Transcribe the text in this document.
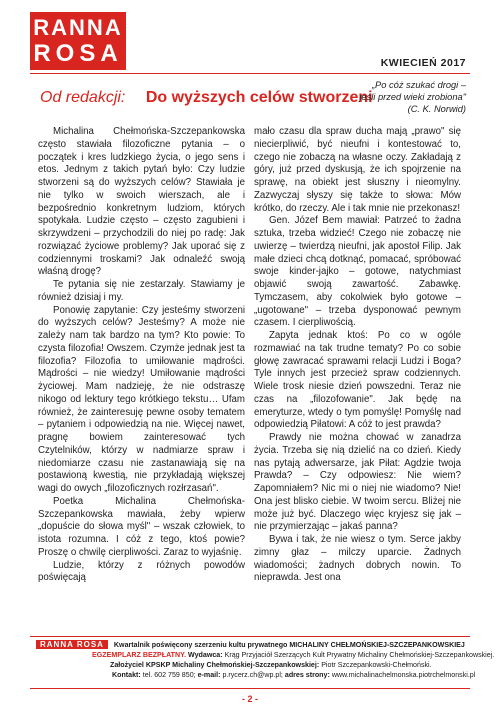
RANNA
ROSA	KWIECIEŃ 2017
Od redakcji: Do wyższych celów stworzeni
„Po cóż szukać drogi –
jeśli przed wieki zrobiona"
(C. K. Norwid)

Michalina Chełmońska-Szczepankowska często stawiała filozoficzne pytania – o początek i kres ludzkiego życia, o jego sens i etos. Jednym z takich pytań było: Czy ludzie stworzeni są do wyższych celów? Stawiała je nie tylko w swoich wierszach, ale i bezpośrednio konkretnym ludziom, których spotykała. Ludzie często – często zagubieni i skrzywdzeni – przychodzili do niej po radę: Jak rozwiązać życiowe problemy? Jak uporać się z codziennymi troskami? Jak odnaleźć swoją właśną drogę?

Te pytania się nie zestarzały. Stawiamy je również dzisiaj i my.

Ponowię zapytanie: Czy jesteśmy stworzeni do wyższych celów? Jesteśmy? A może nie zależy nam tak bardzo na tym? Kto powie: To czysta filozofia! Owszem. Czymże jednak jest ta filozofia? Filozofia to umiłowanie mądrości. Mądrości – nie wiedzy! Umiłowanie mądrości życiowej. Mam nadzieję, że nie odstraszę nikogo od lektury tego krótkiego tekstu… Ufam również, że zainteresuję pewne osoby tematem – pytaniem i odpowiedzią na nie. Więcej nawet, pragnę bowiem zainteresować tych Czytelników, którzy w nadmiarze spraw i niedomiarze czasu nie zastanawiają się na postawioną kwestią, nie przykładają większej wagi do owych „filozoficznych rozłrzasań".

Poetka Michalina Chełmońska-Szczepankowska mawiała, żeby wpierw „dopuście do słowa myśl" – wszak człowiek, to istota rozumna. I cóż z tego, ktoś powie? Proszę o chwilę cierpliwości. Zaraz to wyjaśnię.

Ludzie, którzy z różnych powodów poświęcają

mało czasu dla spraw ducha mają „prawo" się niecierpliwić, być nieufni i kontestować to, czego nie zobaczą na własne oczy. Zakładają z góry, już przed dyskusją, że ich spojrzenie na sprawę, na obiekt jest słuszny i nieomylny. Zazwyczaj słyszy się także to słowa: Mów krótko, do rzeczy. Ale i tak mnie nie przekonasz!

Gen. Józef Bem mawiał: Patrzeć to żadna sztuka, trzeba widzieć! Czego nie zobaczę nie uwierzę – twierdzą nieufni, jak apostoł Filip. Jak małe dzieci chcą dotknąć, pomacać, spróbować swoje kinder-jajko – gotowe, natychmiast objawić swoją zawartość. Zabawkę. Tymczasem, aby cokolwiek było gotowe – „ugotowane" – trzeba dysponować pewnym czasem. I cierpliwością.

Zapyta jednak ktoś: Po co w ogóle rozmawiać na tak trudne tematy? Po co sobie głowę zawracać sprawami relacji Ludzi i Boga? Tyle innych jest przecież spraw codziennych. Wiele trosk niesie dzień powszedni. Teraz nie czas na „filozofowanie". Jak będę na emeryturze, wtedy o tym pomyślę! Pomyślę nad odpowiedzią Piłatowi: A cóż to jest prawda?

Prawdy nie można chować w zanadrza życia. Trzeba się nią dzielić na co dzień. Kiedy nas pytają adwersarze, jak Piłat: Agdzie twoja Prawda? – Czy odpowiesz: Nie wiem? Zapomniałem? Nic mi o niej nie wiadomo? Nie! Ona jest blisko ciebie. W twoim sercu. Bliżej nie może już być. Dlaczego więc kryjesz się jak – nie przymierzając – jakaś panna?

Bywa i tak, że nie wiesz o tym. Serce jakby zimny głaz – milczy uparcie. Żadnych wiadomości; żadnych dobrych nowin. To nieprawda. Jest ona

RANNA ROSA Kwartalnik poświęcony szerzeniu kultu prywatnego MICHALINY CHEŁMOŃSKIEJ-SZCZEPANKOWSKIEJ
EGZEMPLARZ BEZPŁATNY. Wydawca: Krąg Przyjaciół Szerzących Kult Prywatny Michaliny Chełmońskiej-Szczepankowskiej.
Założyciel KPSKP Michaliny Chełmońskiej-Szczepankowskiej: Piotr Szczepankowski-Chełmoński.
Kontakt: tel. 602 759 850; e-mail: p.rycerz.ch@wp.pl; adres strony: www.michalinachelmonska.piotrchelmonski.pl
- 2 -
